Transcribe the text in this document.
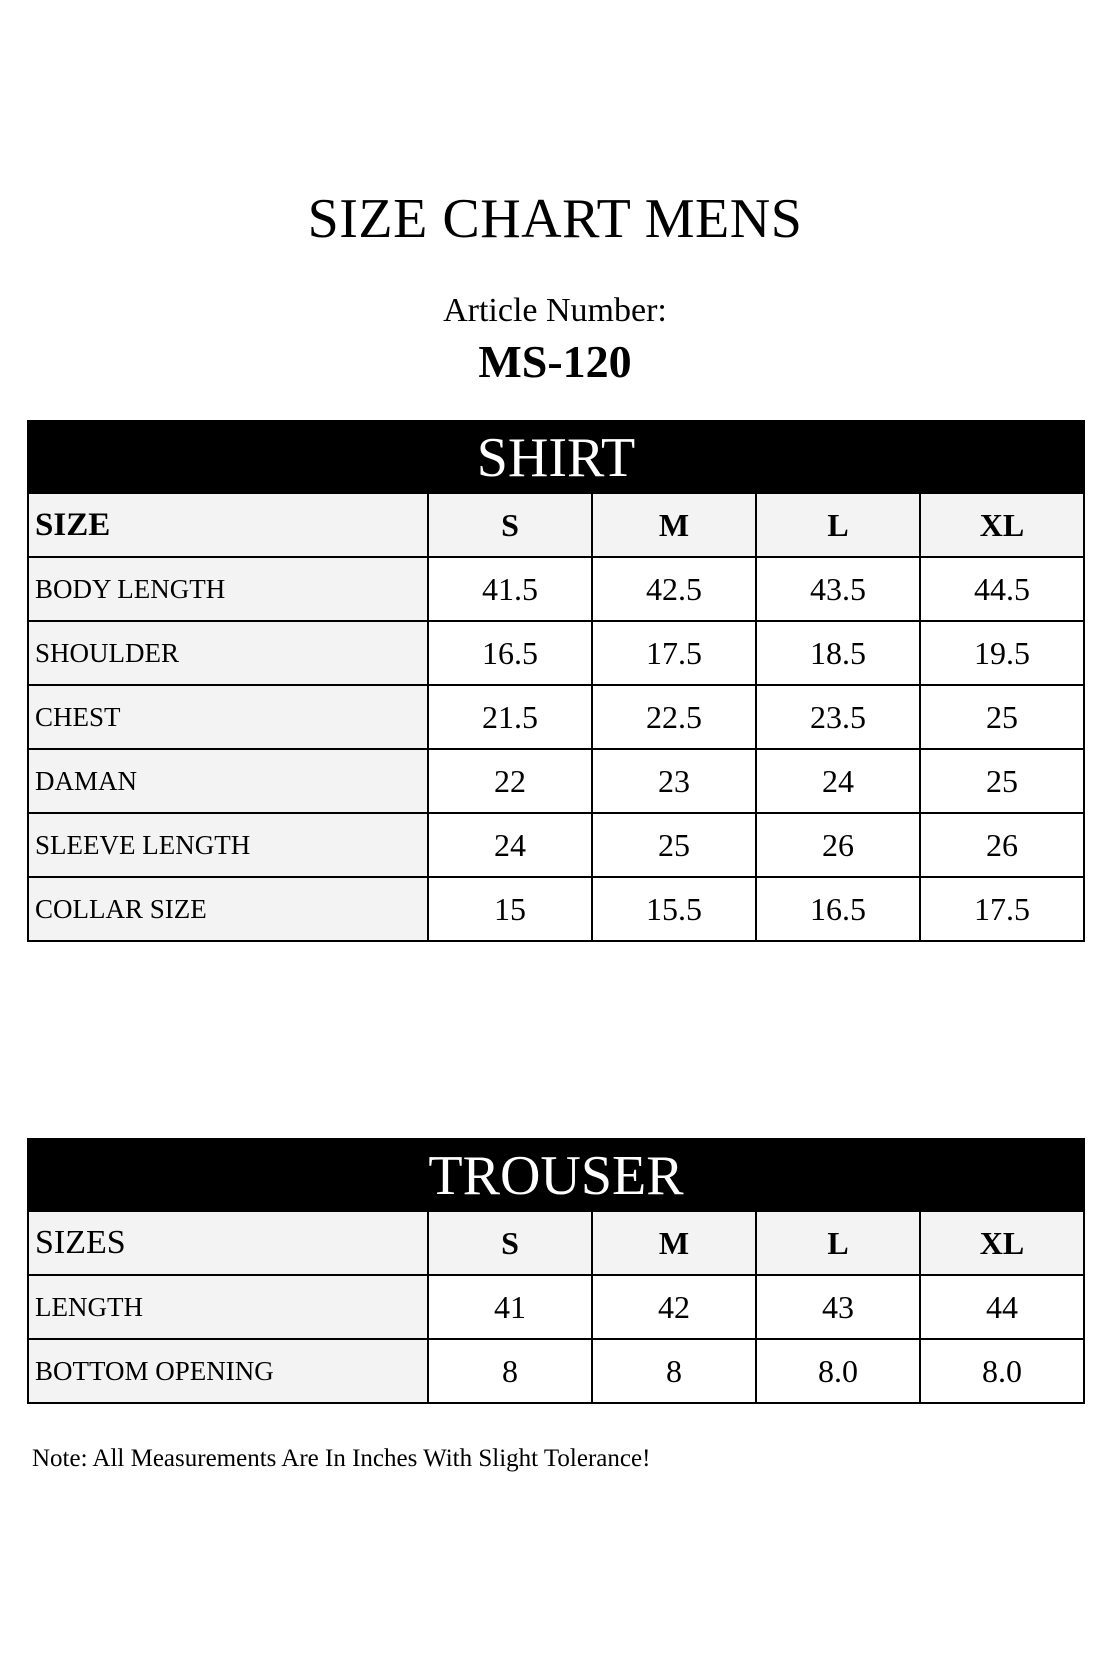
SIZE CHART MENS
Article Number:
MS-120
SHIRT
SIZE	S	M	L	XL
BODY LENGTH	41.5	42.5	43.5	44.5
SHOULDER	16.5	17.5	18.5	19.5
CHEST	21.5	22.5	23.5	25
DAMAN	22	23	24	25
SLEEVE LENGTH	24	25	26	26
COLLAR SIZE	15	15.5	16.5	17.5
TROUSER
SIZES	S	M	L	XL
LENGTH	41	42	43	44
BOTTOM OPENING	8	8	8.0	8.0
Note: All Measurements Are In Inches With Slight Tolerance!
